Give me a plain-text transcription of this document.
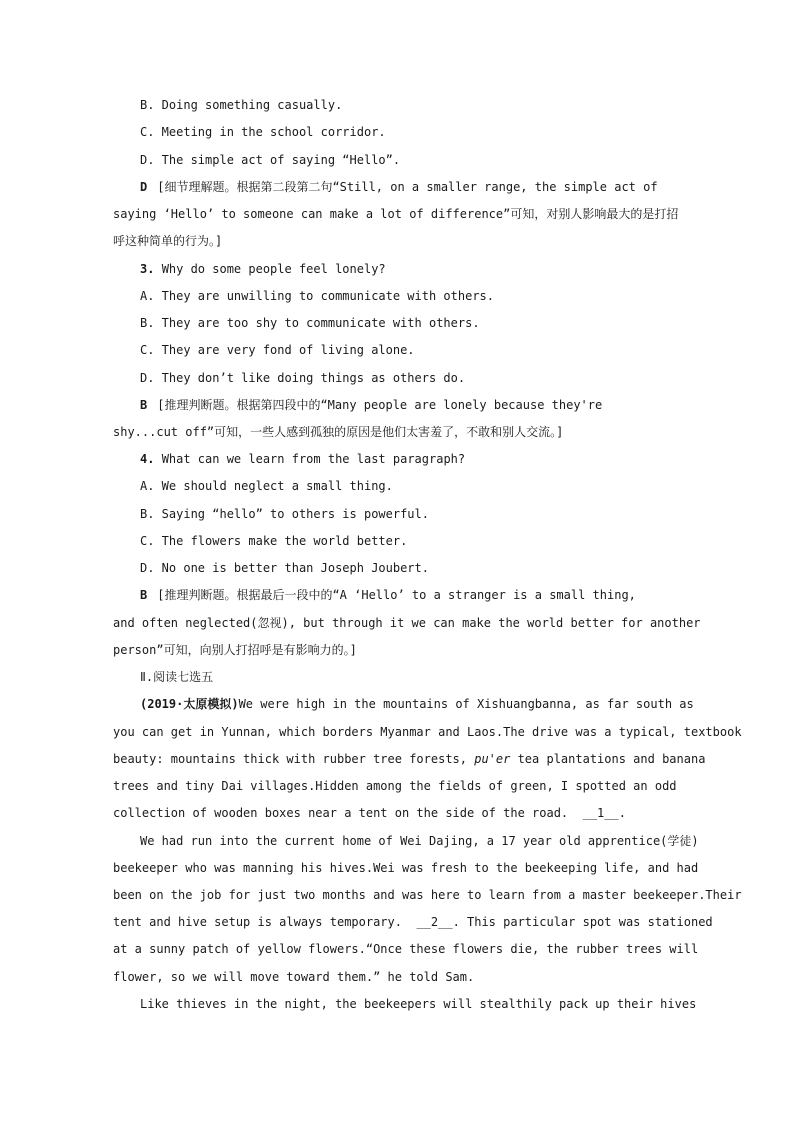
B. Doing something casually.
C. Meeting in the school corridor.
D. The simple act of saying “Hello”.
D [细节理解题。根据第二段第二句“Still, on a smaller range, the simple act of
saying ‘Hello’ to someone can make a lot of difference”可知，对别人影响最大的是打招
呼这种简单的行为。]
3. Why do some people feel lonely?
A. They are unwilling to communicate with others.
B. They are too shy to communicate with others.
C. They are very fond of living alone.
D. They don’t like doing things as others do.
B [推理判断题。根据第四段中的“Many people are lonely because they're
shy...cut off”可知，一些人感到孤独的原因是他们太害羞了，不敢和别人交流。]
4. What can we learn from the last paragraph?
A. We should neglect a small thing.
B. Saying “hello” to others is powerful.
C. The flowers make the world better.
D. No one is better than Joseph Joubert.
B [推理判断题。根据最后一段中的“A ‘Hello’ to a stranger is a small thing,
and often neglected(忽视), but through it we can make the world better for another
person”可知，向别人打招呼是有影响力的。]
Ⅱ.阅读七选五
(2019·太原模拟)We were high in the mountains of Xishuangbanna, as far south as
you can get in Yunnan, which borders Myanmar and Laos.The drive was a typical, textbook
beauty: mountains thick with rubber tree forests, pu'er tea plantations and banana
trees and tiny Dai villages.Hidden among the fields of green, I spotted an odd
collection of wooden boxes near a tent on the side of the road. __1__.
We had run into the current home of Wei Dajing, a 17 year old apprentice(学徒)
beekeeper who was manning his hives.Wei was fresh to the beekeeping life, and had
been on the job for just two months and was here to learn from a master beekeeper.Their
tent and hive setup is always temporary. __2__. This particular spot was stationed
at a sunny patch of yellow flowers.“Once these flowers die, the rubber trees will
flower, so we will move toward them.” he told Sam.
Like thieves in the night, the beekeepers will stealthily pack up their hives
